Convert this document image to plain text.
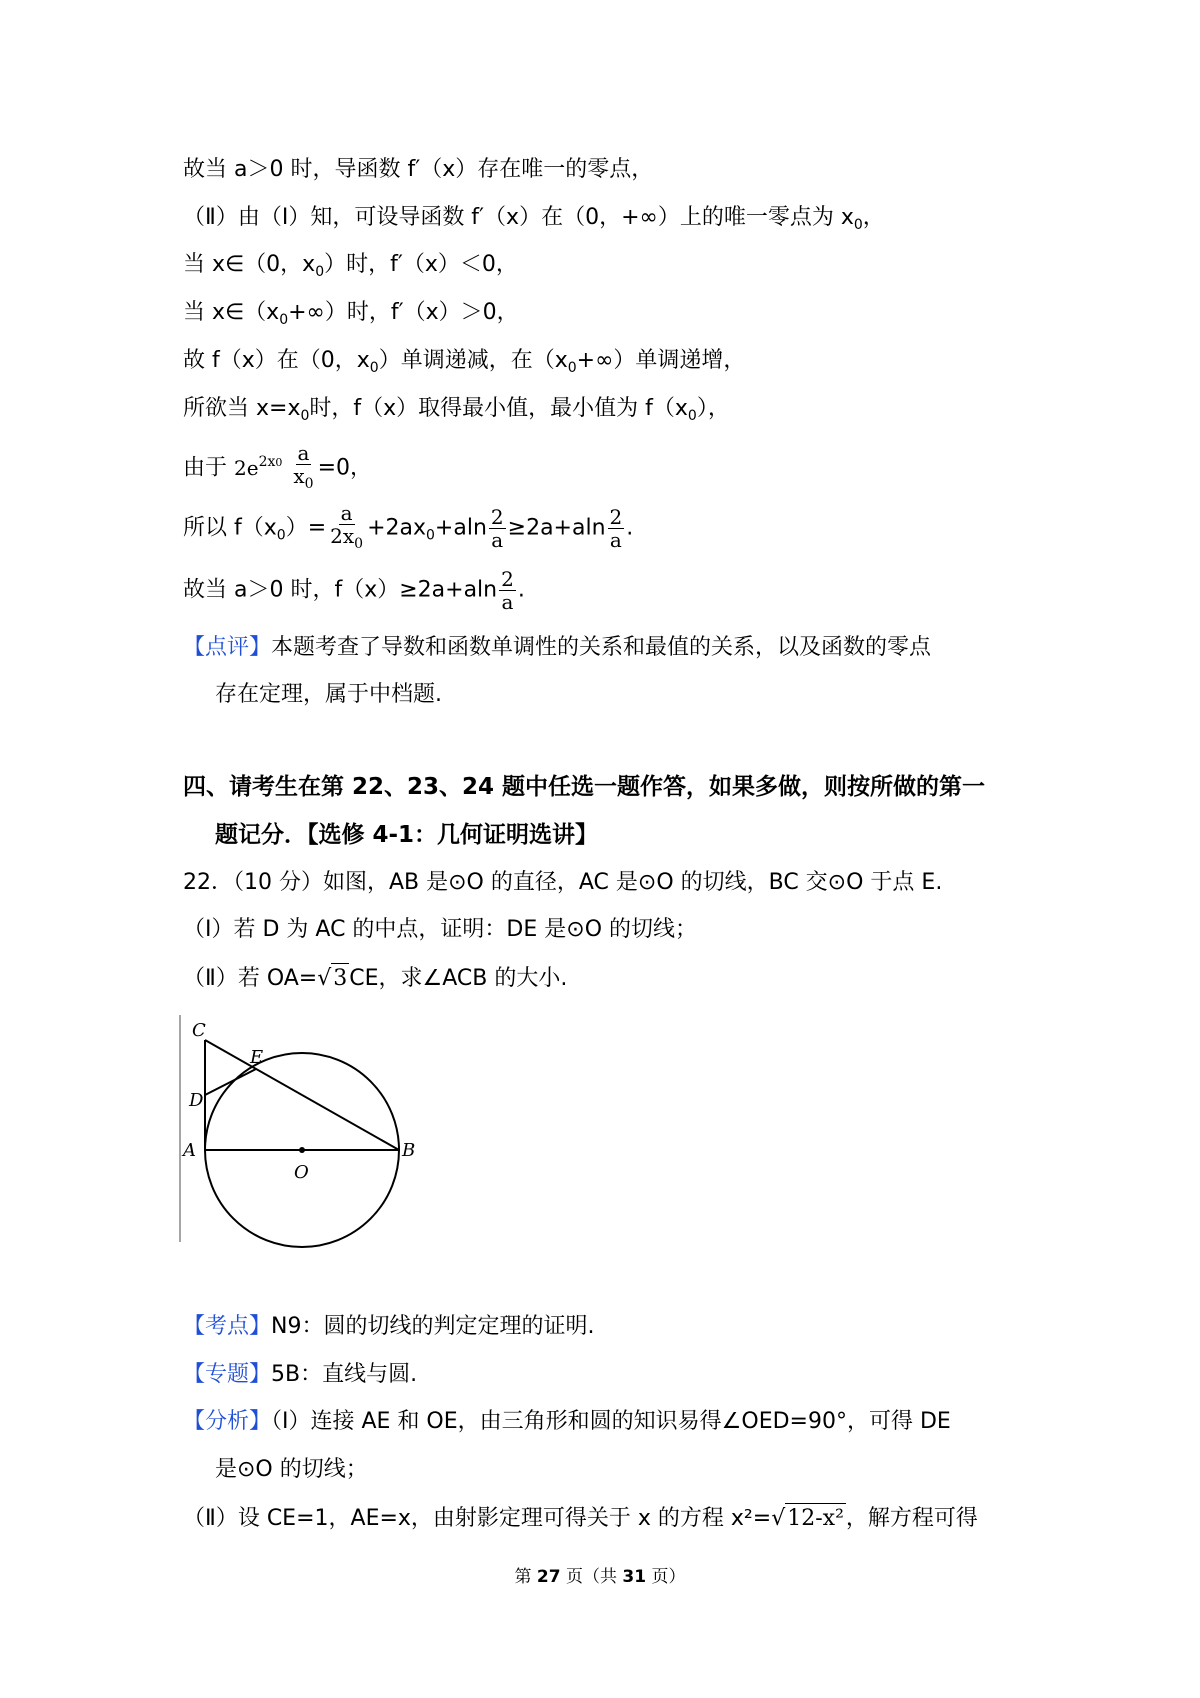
故当 a＞0 时，导函数 f′（x）存在唯一的零点，
（Ⅱ）由（Ⅰ）知，可设导函数 f′（x）在（0，+∞）上的唯一零点为 $x_0$，
当 x∈（0，$x_0$）时，f′（x）＜0，
当 $x\in(x_0+\infty)$时，f′（x）＞0，
故 f（x）在（0，$x_0$）单调递减，在$(x_0+\infty)$单调递增，
所欲当 $x=x_0$时，f（x）取得最小值，最小值为 $f(x_0)$，
由于 $2e^{2x0} \frac{a}{x_0} =0$，
所以 $f(x_0)= \frac{a}{2x_0} +2ax_0+aln \frac{2}{a} \ge 2a+aln \frac{2}{a}$ .
故当 a＞0 时，$f(x)\ge 2a+aln \frac{2}{a}$ .
【点评】本题考查了导数和函数单调性的关系和最值的关系，以及函数的零点
存在定理，属于中档题.
四、请考生在第 22、23、24 题中任选一题作答，如果多做，则按所做的第一
题记分．【选修 4-1：几何证明选讲】
22．（10 分）如图，AB 是⊙O 的直径，AC 是⊙O 的切线，BC 交⊙O 于点 E.
（Ⅰ）若 D 为 AC 的中点，证明：DE 是⊙O 的切线；
（Ⅱ）若 OA=√3CE，求∠ACB 的大小.
C
E
D
A
O
B
【考点】N9：圆的切线的判定定理的证明.
【专题】5B：直线与圆.
【分析】（Ⅰ）连接 AE 和 OE，由三角形和圆的知识易得∠OED=90°，可得 DE
是⊙O 的切线；
（Ⅱ）设 CE=1，AE=x，由射影定理可得关于 x 的方程 x²=√12-x²，解方程可得
第 27 页（共 31 页）
